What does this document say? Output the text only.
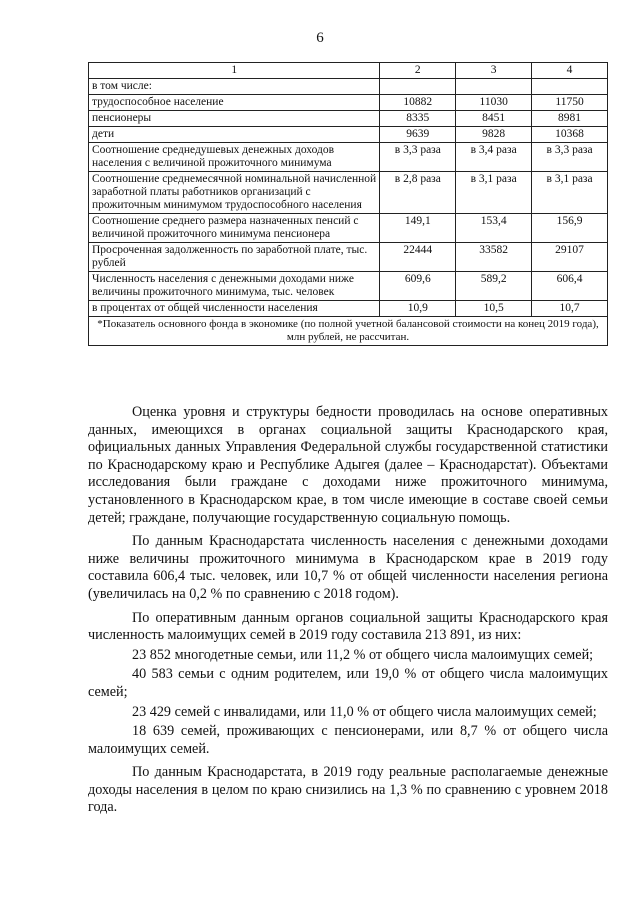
6
1	2	3	4
в том числе:			
трудоспособное население	10882	11030	11750
пенсионеры	8335	8451	8981
дети	9639	9828	10368
Соотношение среднедушевых денежных доходов населения с величиной прожиточного минимума	в 3,3 раза	в 3,4 раза	в 3,3 раза
Соотношение среднемесячной номинальной начисленной заработной платы работников организаций с прожиточным минимумом трудоспособного населения	в 2,8 раза	в 3,1 раза	в 3,1 раза
Соотношение среднего размера назначенных пенсий с величиной прожиточного минимума пенсионера	149,1	153,4	156,9
Просроченная задолженность по заработной плате, тыс. рублей	22444	33582	29107
Численность населения с денежными доходами ниже величины прожиточного минимума, тыс. человек	609,6	589,2	606,4
в процентах от общей численности населения	10,9	10,5	10,7
*Показатель основного фонда в экономике (по полной учетной балансовой стоимости на конец 2019 года), млн рублей, не рассчитан.			

Оценка уровня и структуры бедности проводилась на основе оперативных данных, имеющихся в органах социальной защиты Краснодарского края, официальных данных Управления Федеральной службы государственной статистики по Краснодарскому краю и Республике Адыгея (далее – Краснодарстат). Объектами исследования были граждане с доходами ниже прожиточного минимума, установленного в Краснодарском крае, в том числе имеющие в составе своей семьи детей; граждане, получающие государственную социальную помощь.

По данным Краснодарстата численность населения с денежными доходами ниже величины прожиточного минимума в Краснодарском крае в 2019 году составила 606,4 тыс. человек, или 10,7 % от общей численности населения региона (увеличилась на 0,2 % по сравнению с 2018 годом).

По оперативным данным органов социальной защиты Краснодарского края численность малоимущих семей в 2019 году составила 213 891, из них:

23 852 многодетные семьи, или 11,2 % от общего числа малоимущих семей;

40 583 семьи с одним родителем, или 19,0 % от общего числа малоимущих семей;

23 429 семей с инвалидами, или 11,0 % от общего числа малоимущих семей;

18 639 семей, проживающих с пенсионерами, или 8,7 % от общего числа малоимущих семей.

По данным Краснодарстата, в 2019 году реальные располагаемые денежные доходы населения в целом по краю снизились на 1,3 % по сравнению с уровнем 2018 года.
